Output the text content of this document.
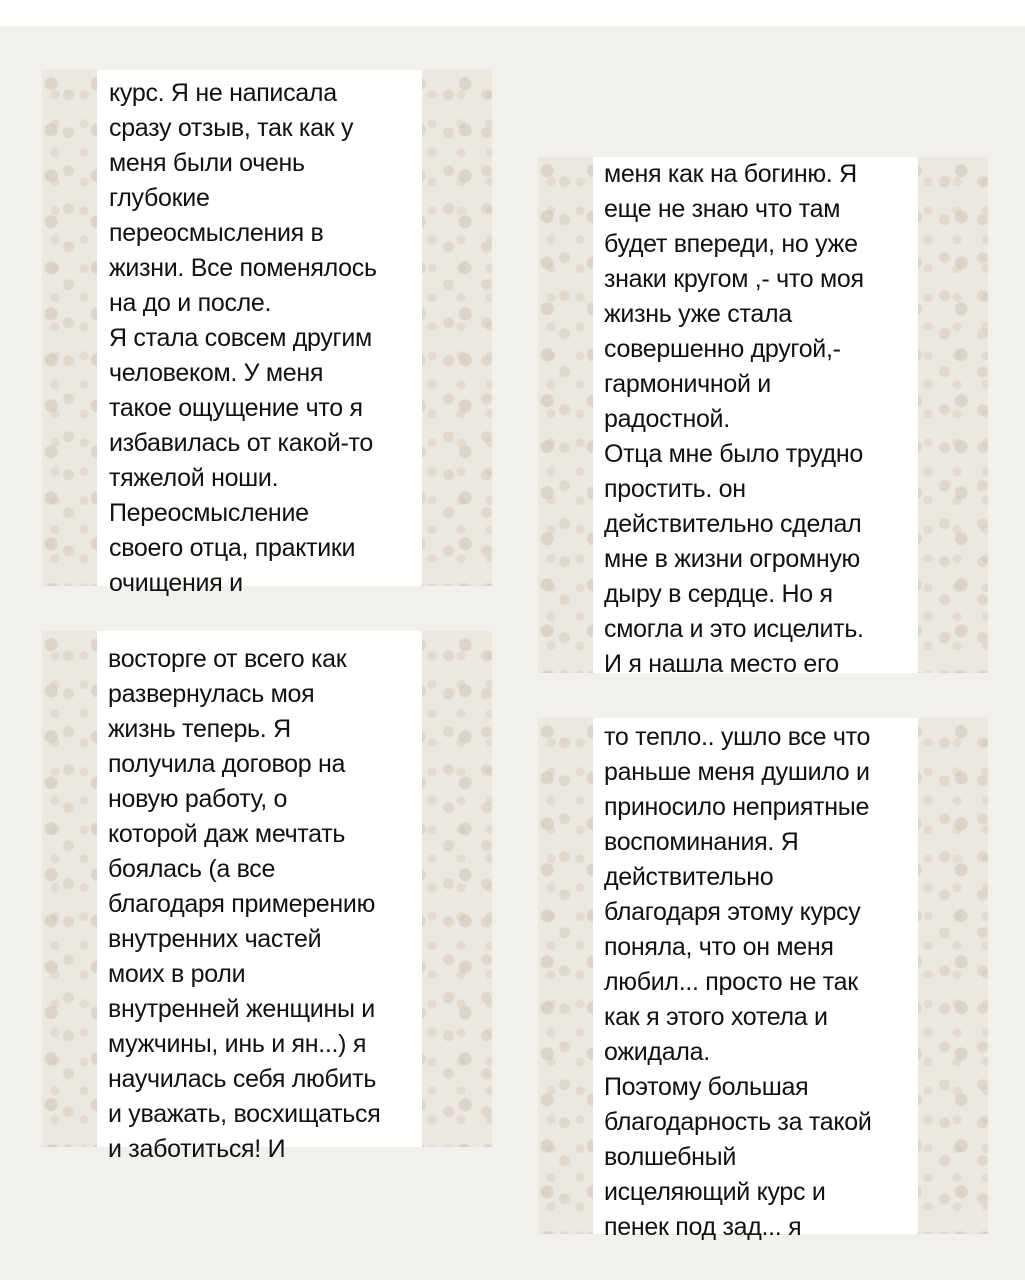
курс. Я не написала
сразу отзыв, так как у
меня были очень
глубокие
переосмысления в
жизни. Все поменялось
на до и после.
Я стала совсем другим
человеком. У меня
такое ощущение что я
избавилась от какой-то
тяжелой ноши.
Переосмысление
своего отца, практики
очищения и
меня как на богиню. Я
еще не знаю что там
будет впереди, но уже
знаки кругом ,- что моя
жизнь уже стала
совершенно другой,-
гармоничной и
радостной.
Отца мне было трудно
простить. он
действительно сделал
мне в жизни огромную
дыру в сердце. Но я
смогла и это исцелить.
И я нашла место его
восторге от всего как
развернулась моя
жизнь теперь. Я
получила договор на
новую работу, о
которой даж мечтать
боялась (а все
благодаря примерению
внутренних частей
моих в роли
внутренней женщины и
мужчины, инь и ян...) я
научилась себя любить
и уважать, восхищаться
и заботиться! И
то тепло.. ушло все что
раньше меня душило и
приносило неприятные
воспоминания. Я
действительно
благодаря этому курсу
поняла, что он меня
любил... просто не так
как я этого хотела и
ожидала.
Поэтому большая
благодарность за такой
волшебный
исцеляющий курс и
пенек под зад... я
